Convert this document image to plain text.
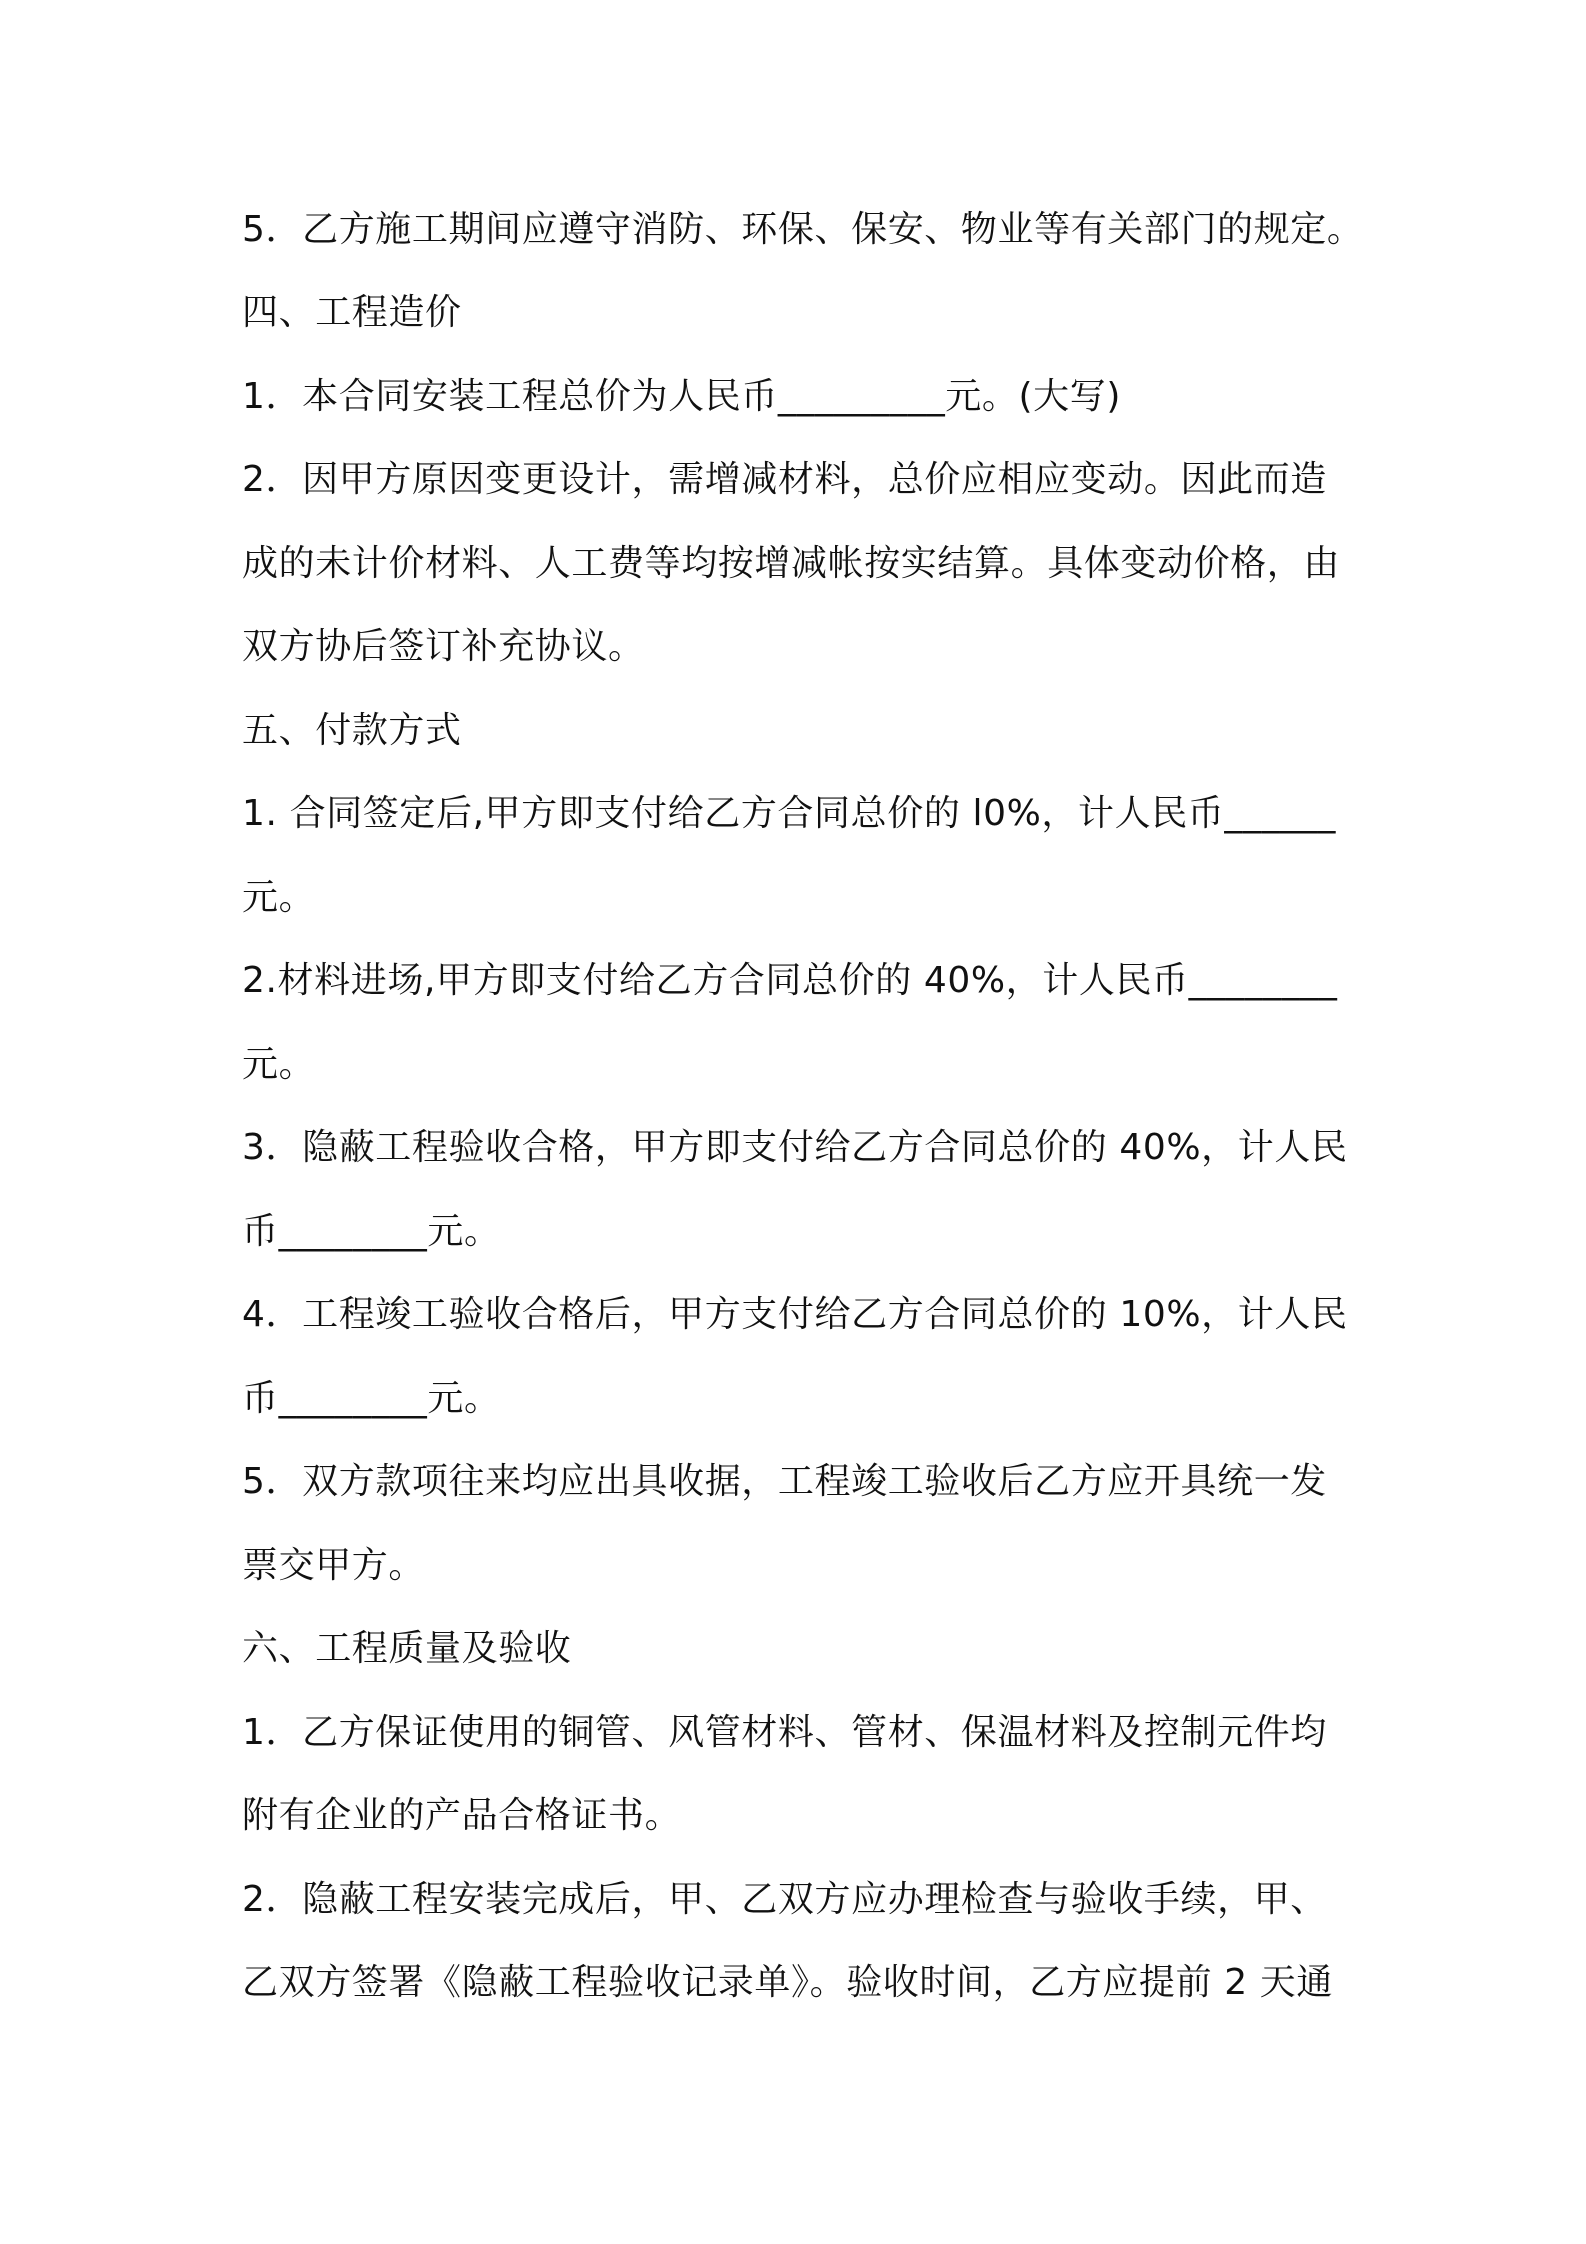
5．乙方施工期间应遵守消防、环保、保安、物业等有关部门的规定。
四、工程造价
1．本合同安装工程总价为人民币_________元。(大写)
2．因甲方原因变更设计，需增减材料，总价应相应变动。因此而造
成的未计价材料、人工费等均按增减帐按实结算。具体变动价格，由
双方协后签订补充协议。
五、付款方式
1. 合同签定后,甲方即支付给乙方合同总价的 l0%，计人民币______
元。
2.材料进场,甲方即支付给乙方合同总价的 40%，计人民币________
元。
3．隐蔽工程验收合格，甲方即支付给乙方合同总价的 40%，计人民
币________元。
4．工程竣工验收合格后，甲方支付给乙方合同总价的 10%，计人民
币________元。
5．双方款项往来均应出具收据，工程竣工验收后乙方应开具统一发
票交甲方。
六、工程质量及验收
1．乙方保证使用的铜管、风管材料、管材、保温材料及控制元件均
附有企业的产品合格证书。
2．隐蔽工程安装完成后，甲、乙双方应办理检查与验收手续，甲、
乙双方签署《隐蔽工程验收记录单》。验收时间，乙方应提前 2 天通
